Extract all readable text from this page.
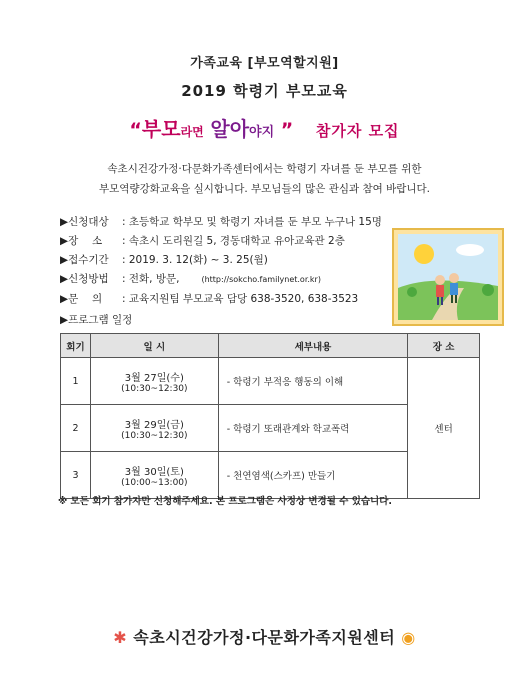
가족교육 [부모역할지원]
2019 학령기 부모교육
“부모라면 알아야지 ” 참가자 모집
속초시건강가정·다문화가족센터에서는 학령기 자녀를 둔 부모를 위한
부모역량강화교육을 실시합니다. 부모님들의 많은 관심과 참여 바랍니다.
▶신청대상 : 초등학교 학부모 및 학령기 자녀를 둔 부모 누구나 15명
▶장　 소 : 속초시 도리원길 5, 경동대학교 유아교육관 2층
▶접수기간 : 2019. 3. 12(화) ~ 3. 25(월)
▶신청방법 : 전화, 방문,	(http://sokcho.familynet.or.kr)
▶문　 의 : 교육지원팀 부모교육 담당 638-3520, 638-3523
▶프로그램 일정
회기	일 시	세부내용	장 소
1	3월 27일(수)
(10:30~12:30)	- 학령기 부적응 행동의 이해	센터
2	3월 29일(금)
(10:30~12:30)	- 학령기 또래관계와 학교폭력	
3	3월 30일(토)
(10:00~13:00)	- 천연염색(스카프) 만들기	
※ 모든 회기 참가자만 신청해주세요. 본 프로그램은 사정상 변경될 수 있습니다.
✱ 속초시건강가정·다문화가족지원센터 ◉
